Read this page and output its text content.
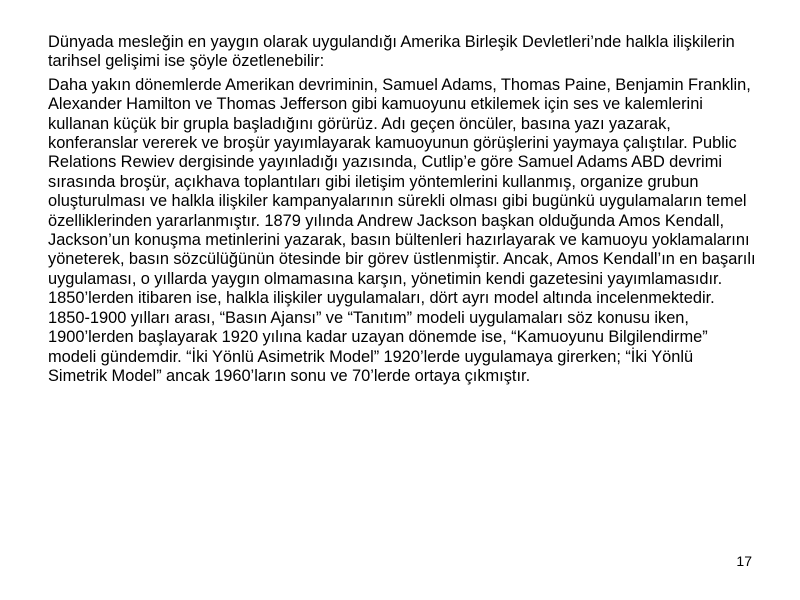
Dünyada mesleğin en yaygın olarak uygulandığı Amerika Birleşik Devletleri’nde halkla ilişkilerin tarihsel gelişimi ise şöyle özetlenebilir:

Daha yakın dönemlerde Amerikan devriminin, Samuel Adams, Thomas Paine, Benjamin Franklin, Alexander Hamilton ve Thomas Jefferson gibi kamuoyunu etkilemek için ses ve kalemlerini kullanan küçük bir grupla başladığını görürüz. Adı geçen öncüler, basına yazı yazarak, konferanslar vererek ve broşür yayımlayarak kamuoyunun görüşlerini yaymaya çalıştılar. Public Relations Rewiev dergisinde yayınladığı yazısında, Cutlip’e göre Samuel Adams ABD devrimi sırasında broşür, açıkhava toplantıları gibi iletişim yöntemlerini kullanmış, organize grubun oluşturulması ve halkla ilişkiler kampanyalarının sürekli olması gibi bugünkü uygulamaların temel özelliklerinden yararlanmıştır. 1879 yılında Andrew Jackson başkan olduğunda Amos Kendall, Jackson’un konuşma metinlerini yazarak, basın bültenleri hazırlayarak ve kamuoyu yoklamalarını yöneterek, basın sözcülüğünün ötesinde bir görev üstlenmiştir. Ancak, Amos Kendall’ın en başarılı uygulaması, o yıllarda yaygın olmamasına karşın, yönetimin kendi gazetesini yayımlamasıdır. 1850’lerden itibaren ise, halkla ilişkiler uygulamaları, dört ayrı model altında incelenmektedir. 1850-1900 yılları arası, “Basın Ajansı” ve “Tanıtım” modeli uygulamaları söz konusu iken, 1900’lerden başlayarak 1920 yılına kadar uzayan dönemde ise, “Kamuoyunu Bilgilendirme” modeli gündemdir. “İki Yönlü Asimetrik Model” 1920’lerde uygulamaya girerken; “İki Yönlü Simetrik Model” ancak 1960’ların sonu ve 70’lerde ortaya çıkmıştır.

17
